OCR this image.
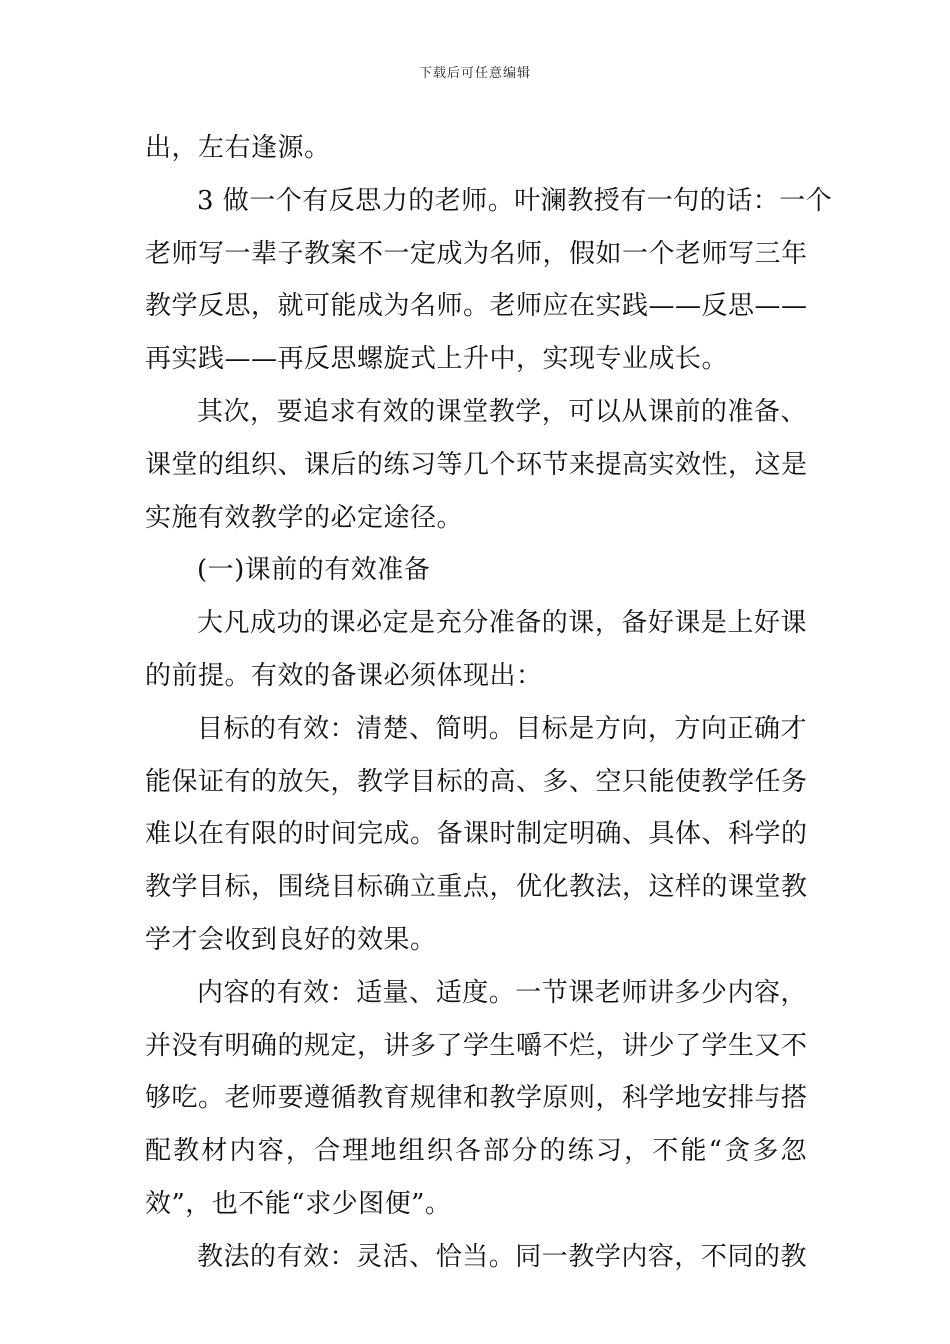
下载后可任意编辑
出，左右逢源。
3 做一个有反思力的老师。叶澜教授有一句的话：一个
老师写一辈子教案不一定成为名师，假如一个老师写三年
教学反思，就可能成为名师。老师应在实践——反思——
再实践——再反思螺旋式上升中，实现专业成长。
其次，要追求有效的课堂教学，可以从课前的准备、
课堂的组织、课后的练习等几个环节来提高实效性，这是
实施有效教学的必定途径。
(一)课前的有效准备
大凡成功的课必定是充分准备的课，备好课是上好课
的前提。有效的备课必须体现出：
目标的有效：清楚、简明。目标是方向，方向正确才
能保证有的放矢，教学目标的高、多、空只能使教学任务
难以在有限的时间完成。备课时制定明确、具体、科学的
教学目标，围绕目标确立重点，优化教法，这样的课堂教
学才会收到良好的效果。
内容的有效：适量、适度。一节课老师讲多少内容，
并没有明确的规定，讲多了学生嚼不烂，讲少了学生又不
够吃。老师要遵循教育规律和教学原则，科学地安排与搭
配教材内容，合理地组织各部分的练习，不能“贪多忽
效”，也不能“求少图便”。
教法的有效：灵活、恰当。同一教学内容，不同的教
